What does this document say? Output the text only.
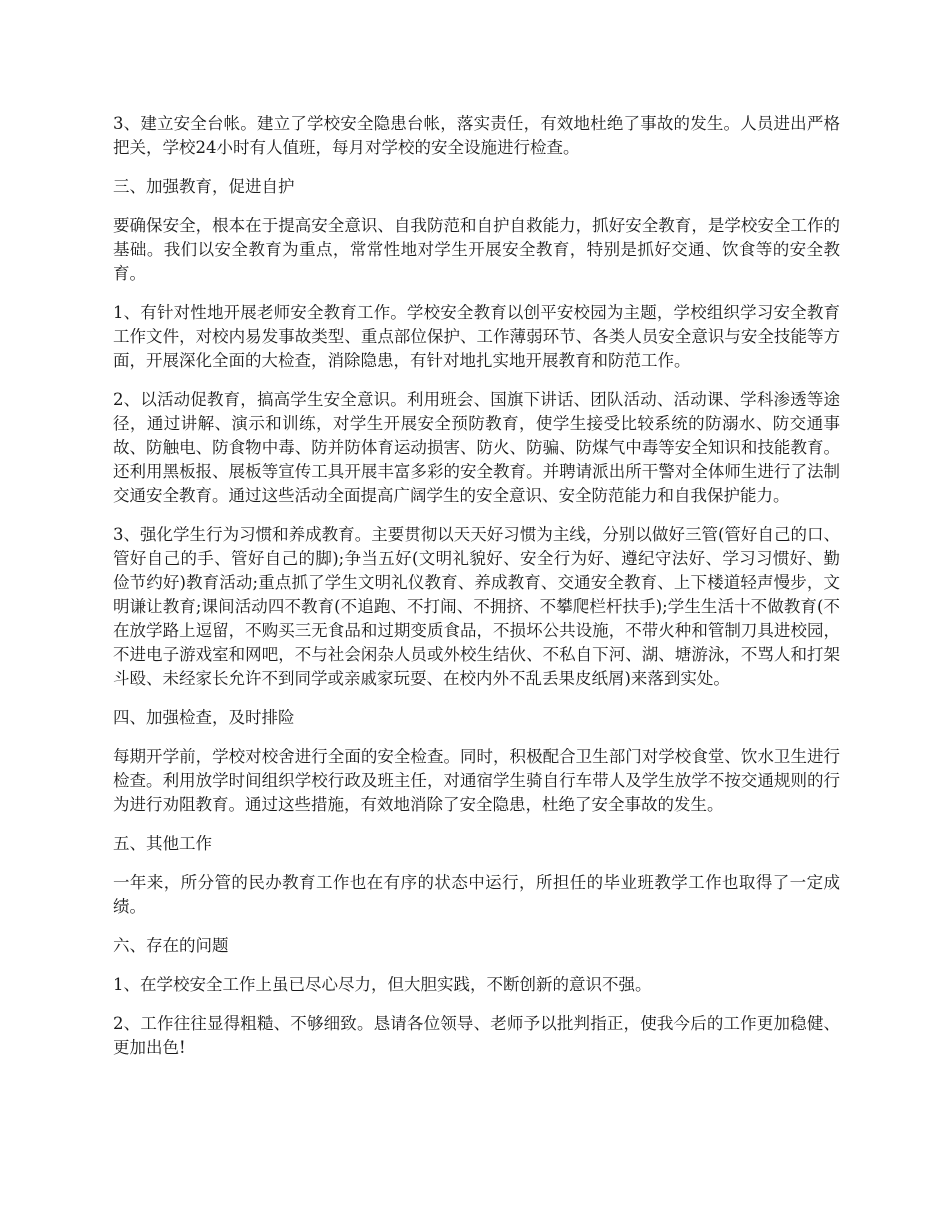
3、建立安全台帐。建立了学校安全隐患台帐，落实责任，有效地杜绝了事故的发生。人员进出严格把关，学校24小时有人值班，每月对学校的安全设施进行检查。

三、加强教育，促进自护

要确保安全，根本在于提高安全意识、自我防范和自护自救能力，抓好安全教育，是学校安全工作的基础。我们以安全教育为重点，常常性地对学生开展安全教育，特别是抓好交通、饮食等的安全教育。

1、有针对性地开展老师安全教育工作。学校安全教育以创平安校园为主题，学校组织学习安全教育工作文件，对校内易发事故类型、重点部位保护、工作薄弱环节、各类人员安全意识与安全技能等方面，开展深化全面的大检查，消除隐患，有针对地扎实地开展教育和防范工作。

2、以活动促教育，搞高学生安全意识。利用班会、国旗下讲话、团队活动、活动课、学科渗透等途径，通过讲解、演示和训练，对学生开展安全预防教育，使学生接受比较系统的防溺水、防交通事故、防触电、防食物中毒、防并防体育运动损害、防火、防骗、防煤气中毒等安全知识和技能教育。还利用黑板报、展板等宣传工具开展丰富多彩的安全教育。并聘请派出所干警对全体师生进行了法制交通安全教育。通过这些活动全面提高广阔学生的安全意识、安全防范能力和自我保护能力。

3、强化学生行为习惯和养成教育。主要贯彻以天天好习惯为主线，分别以做好三管(管好自己的口、管好自己的手、管好自己的脚);争当五好(文明礼貌好、安全行为好、遵纪守法好、学习习惯好、勤俭节约好)教育活动;重点抓了学生文明礼仪教育、养成教育、交通安全教育、上下楼道轻声慢步，文明谦让教育;课间活动四不教育(不追跑、不打闹、不拥挤、不攀爬栏杆扶手);学生生活十不做教育(不在放学路上逗留，不购买三无食品和过期变质食品，不损坏公共设施，不带火种和管制刀具进校园，不进电子游戏室和网吧，不与社会闲杂人员或外校生结伙、不私自下河、湖、塘游泳，不骂人和打架斗殴、未经家长允许不到同学或亲戚家玩耍、在校内外不乱丢果皮纸屑)来落到实处。

四、加强检查，及时排险

每期开学前，学校对校舍进行全面的安全检查。同时，积极配合卫生部门对学校食堂、饮水卫生进行检查。利用放学时间组织学校行政及班主任，对通宿学生骑自行车带人及学生放学不按交通规则的行为进行劝阻教育。通过这些措施，有效地消除了安全隐患，杜绝了安全事故的发生。

五、其他工作

一年来，所分管的民办教育工作也在有序的状态中运行，所担任的毕业班教学工作也取得了一定成绩。

六、存在的问题

1、在学校安全工作上虽已尽心尽力，但大胆实践，不断创新的意识不强。

2、工作往往显得粗糙、不够细致。恳请各位领导、老师予以批判指正，使我今后的工作更加稳健、更加出色!
